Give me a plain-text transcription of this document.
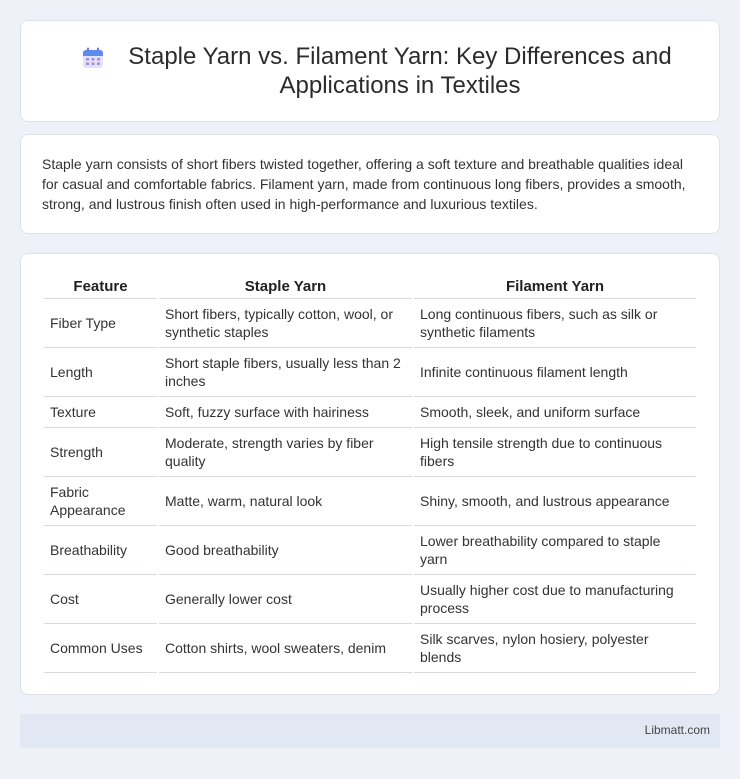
Staple Yarn vs. Filament Yarn: Key Differences and Applications in Textiles

Staple yarn consists of short fibers twisted together, offering a soft texture and breathable qualities ideal for casual and comfortable fabrics. Filament yarn, made from continuous long fibers, provides a smooth, strong, and lustrous finish often used in high-performance and luxurious textiles.

Feature	Staple Yarn	Filament Yarn
Fiber Type	Short fibers, typically cotton, wool, or synthetic staples	Long continuous fibers, such as silk or synthetic filaments
Length	Short staple fibers, usually less than 2 inches	Infinite continuous filament length
Texture	Soft, fuzzy surface with hairiness	Smooth, sleek, and uniform surface
Strength	Moderate, strength varies by fiber quality	High tensile strength due to continuous fibers
Fabric Appearance	Matte, warm, natural look	Shiny, smooth, and lustrous appearance
Breathability	Good breathability	Lower breathability compared to staple yarn
Cost	Generally lower cost	Usually higher cost due to manufacturing process
Common Uses	Cotton shirts, wool sweaters, denim	Silk scarves, nylon hosiery, polyester blends
Libmatt.com
